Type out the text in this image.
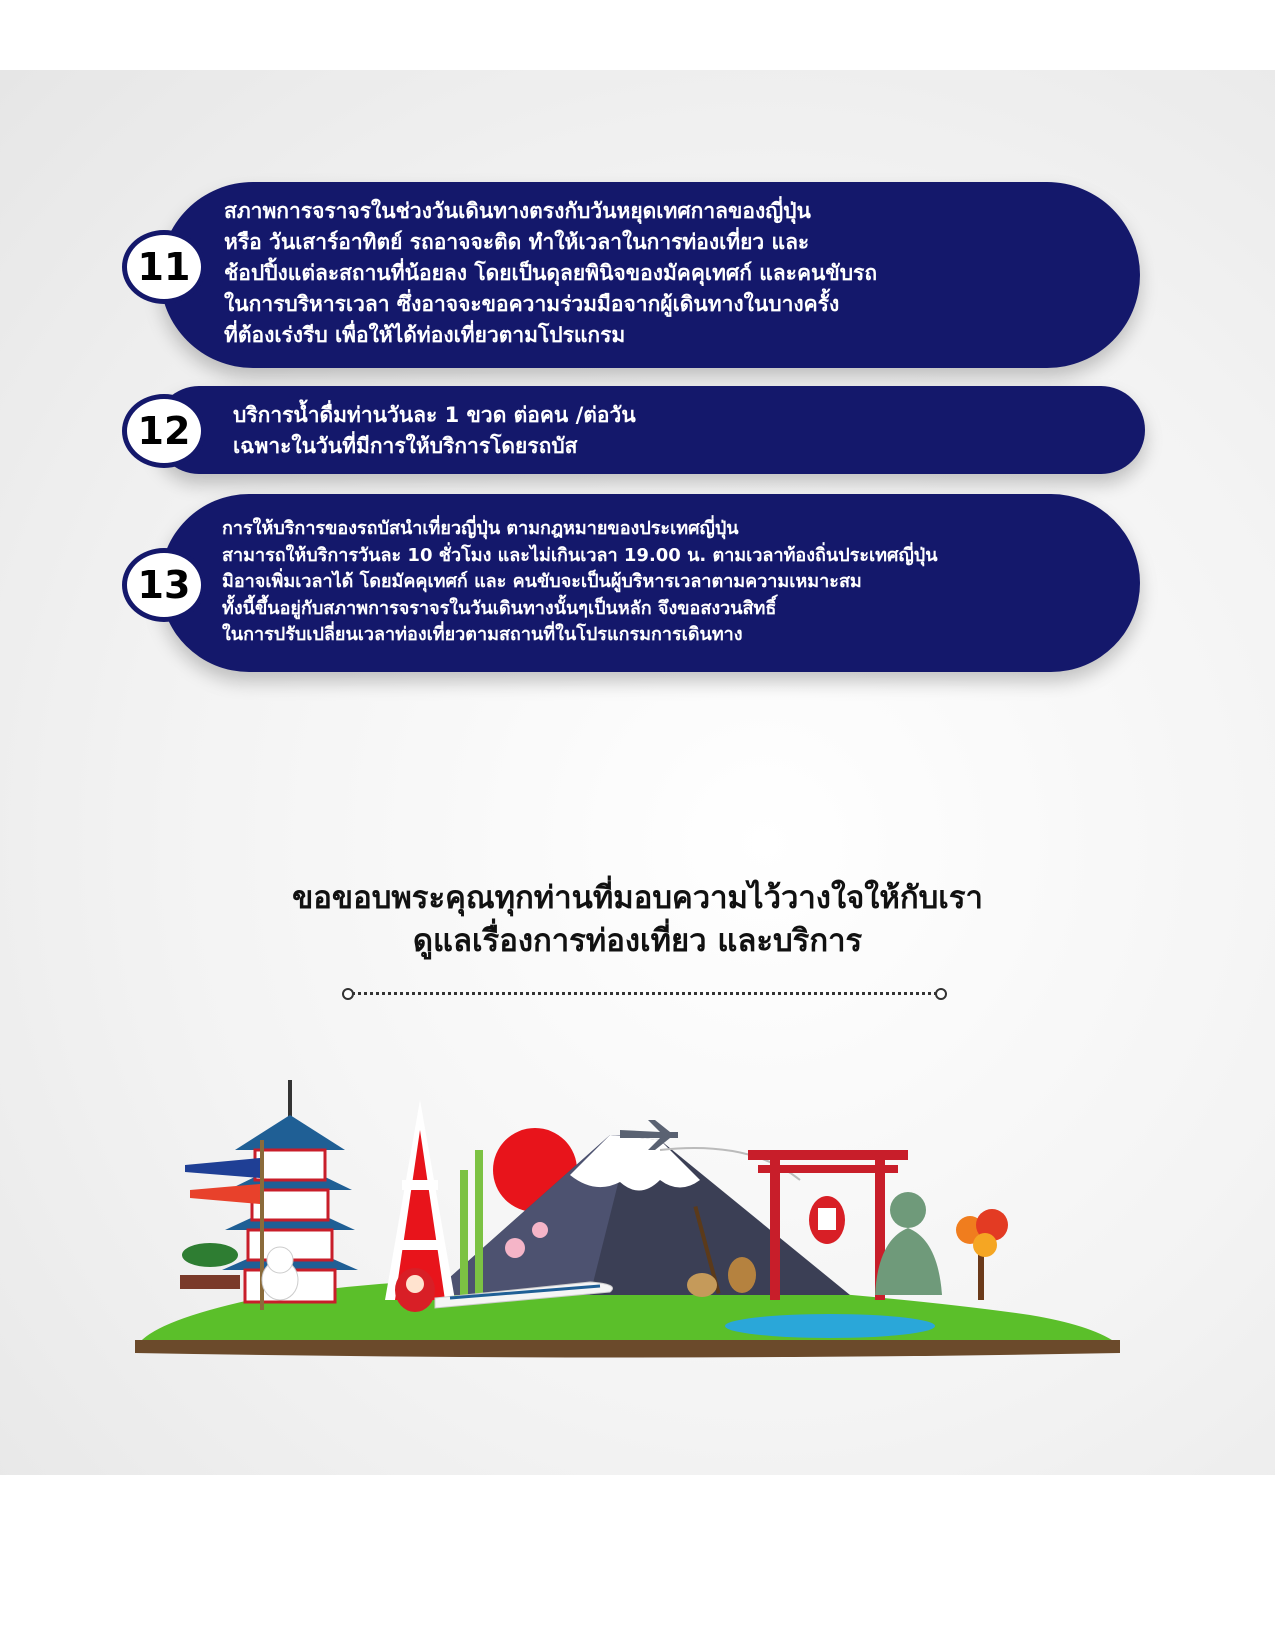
สภาพการจราจรในช่วงวันเดินทางตรงกับวันหยุดเทศกาลของญี่ปุ่น
หรือ วันเสาร์อาทิตย์ รถอาจจะติด ทำให้เวลาในการท่องเที่ยว และ
ช้อปปิ้งแต่ละสถานที่น้อยลง โดยเป็นดุลยพินิจของมัคคุเทศก์ และคนขับรถ
ในการบริหารเวลา ซึ่งอาจจะขอความร่วมมือจากผู้เดินทางในบางครั้ง
ที่ต้องเร่งรีบ เพื่อให้ได้ท่องเที่ยวตามโปรแกรม
11
บริการน้ำดื่มท่านวันละ 1 ขวด ต่อคน /ต่อวัน
เฉพาะในวันที่มีการให้บริการโดยรถบัส
12
การให้บริการของรถบัสนำเที่ยวญี่ปุ่น ตามกฎหมายของประเทศญี่ปุ่น
สามารถให้บริการวันละ 10 ชั่วโมง และไม่เกินเวลา 19.00 น. ตามเวลาท้องถิ่นประเทศญี่ปุ่น
มิอาจเพิ่มเวลาได้ โดยมัคคุเทศก์ และ คนขับจะเป็นผู้บริหารเวลาตามความเหมาะสม
ทั้งนี้ขึ้นอยู่กับสภาพการจราจรในวันเดินทางนั้นๆเป็นหลัก จึงขอสงวนสิทธิ์
ในการปรับเปลี่ยนเวลาท่องเที่ยวตามสถานที่ในโปรแกรมการเดินทาง
13
ขอขอบพระคุณทุกท่านที่มอบความไว้วางใจให้กับเรา
ดูแลเรื่องการท่องเที่ยว และบริการ
